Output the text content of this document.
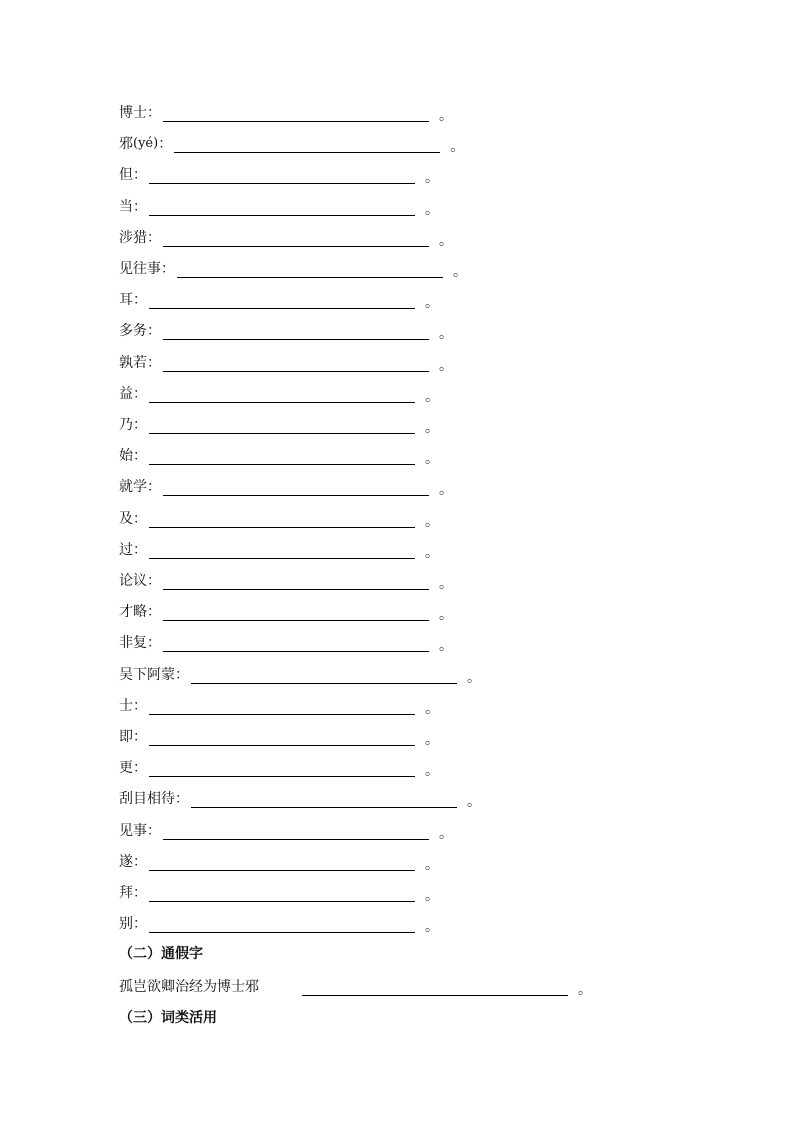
博士 ：	。
邪 (yé) ：	。
但 ：	。
当 ：	。
涉猎 ：	。
见往事 ：	。
耳 ：	。
多务 ：	。
孰若 ：	。
益 ：	。
乃 ：	。
始 ：	。
就学 ：	。
及 ：	。
过 ：	。
论议 ：	。
才略 ：	。
非复 ：	。
吴下阿蒙 ：	。
士 ：	。
即 ：	。
更 ：	。
刮目相待 ：	。
见事 ：	。
遂 ：	。
拜 ：	。
别 ：	。
（二）通假字
孤岂欲卿治经为博士邪	。
（三）词类活用
